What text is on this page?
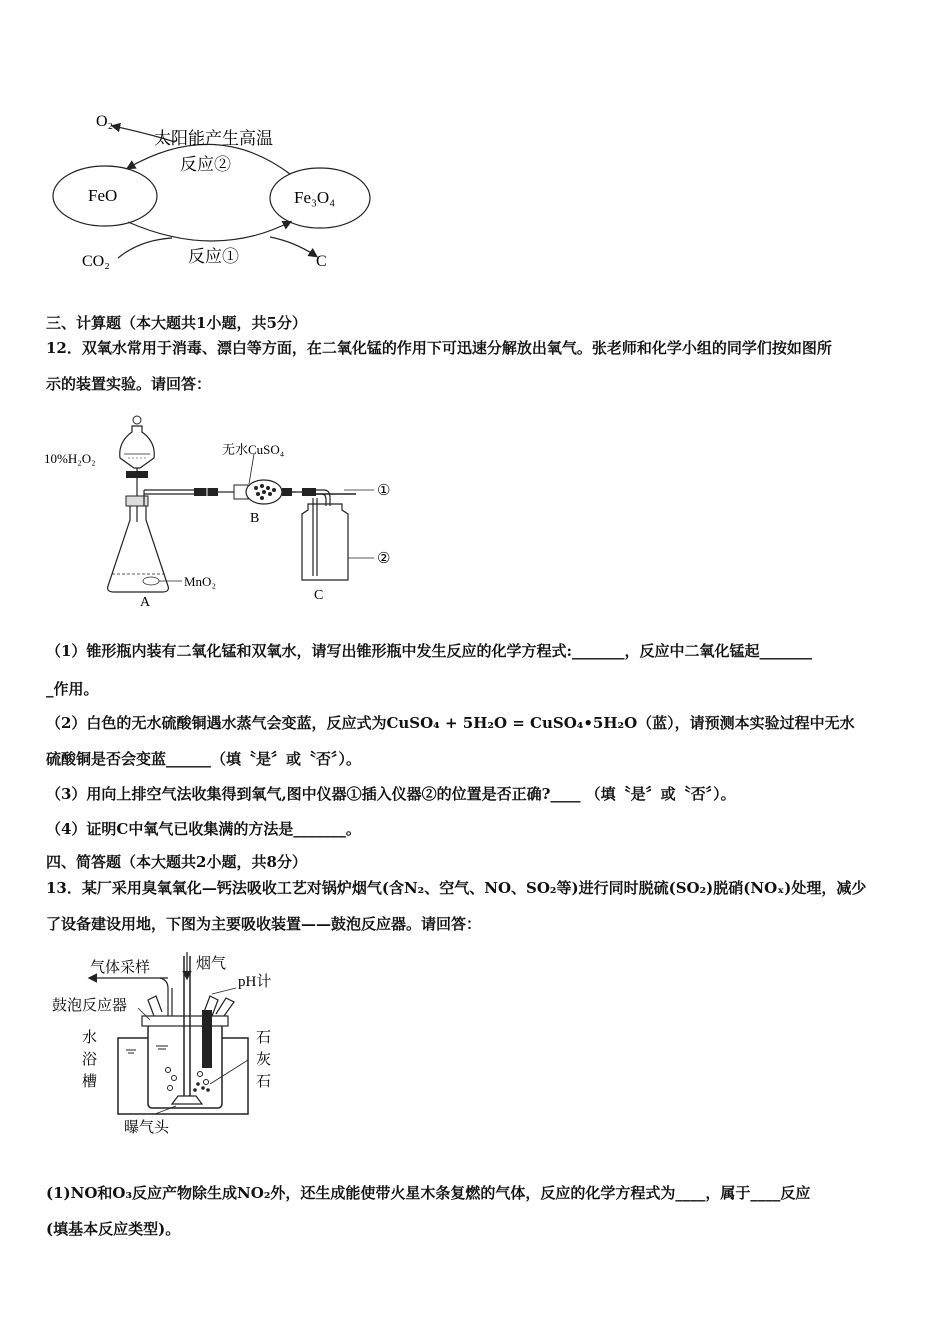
O₂
太阳能产生高温
反应②
FeO	Fe₃O₄
CO₂	反应①	C
三、计算题（本大题共1小题，共5分）
12．双氧水常用于消毒、漂白等方面，在二氧化锰的作用下可迅速分解放出氧气。张老师和化学小组的同学们按如图所
示的装置实验。请回答：
10%H₂O₂
无水CuSO₄
①
B
②
MnO₂
A	C
（1）锥形瓶内装有二氧化锰和双氧水，请写出锥形瓶中发生反应的化学方程式:_______，反应中二氧化锰起_______
_作用。
（2）白色的无水硫酸铜遇水蒸气会变蓝，反应式为CuSO₄ + 5H₂O = CuSO₄•5H₂O（蓝），请预测本实验过程中无水
硫酸铜是否会变蓝______（填〝是〞或〝否〞）。
（3）用向上排空气法收集得到氧气,图中仪器①插入仪器②的位置是否正确?____ （填〝是〞或〝否〞）。
（4）证明C中氧气已收集满的方法是_______。
四、简答题（本大题共2小题，共8分）
13．某厂采用臭氧氧化—钙法吸收工艺对锅炉烟气(含N₂、空气、NO、SO₂等)进行同时脱硫(SO₂)脱硝(NOₓ)处理，减少
了设备建设用地，下图为主要吸收装置——鼓泡反应器。请回答：
气体采样	烟气
pH计
鼓泡反应器
水
浴
槽
石
灰
石
曝气头
(1)NO和O₃反应产物除生成NO₂外，还生成能使带火星木条复燃的气体，反应的化学方程式为____，属于____反应
(填基本反应类型)。
